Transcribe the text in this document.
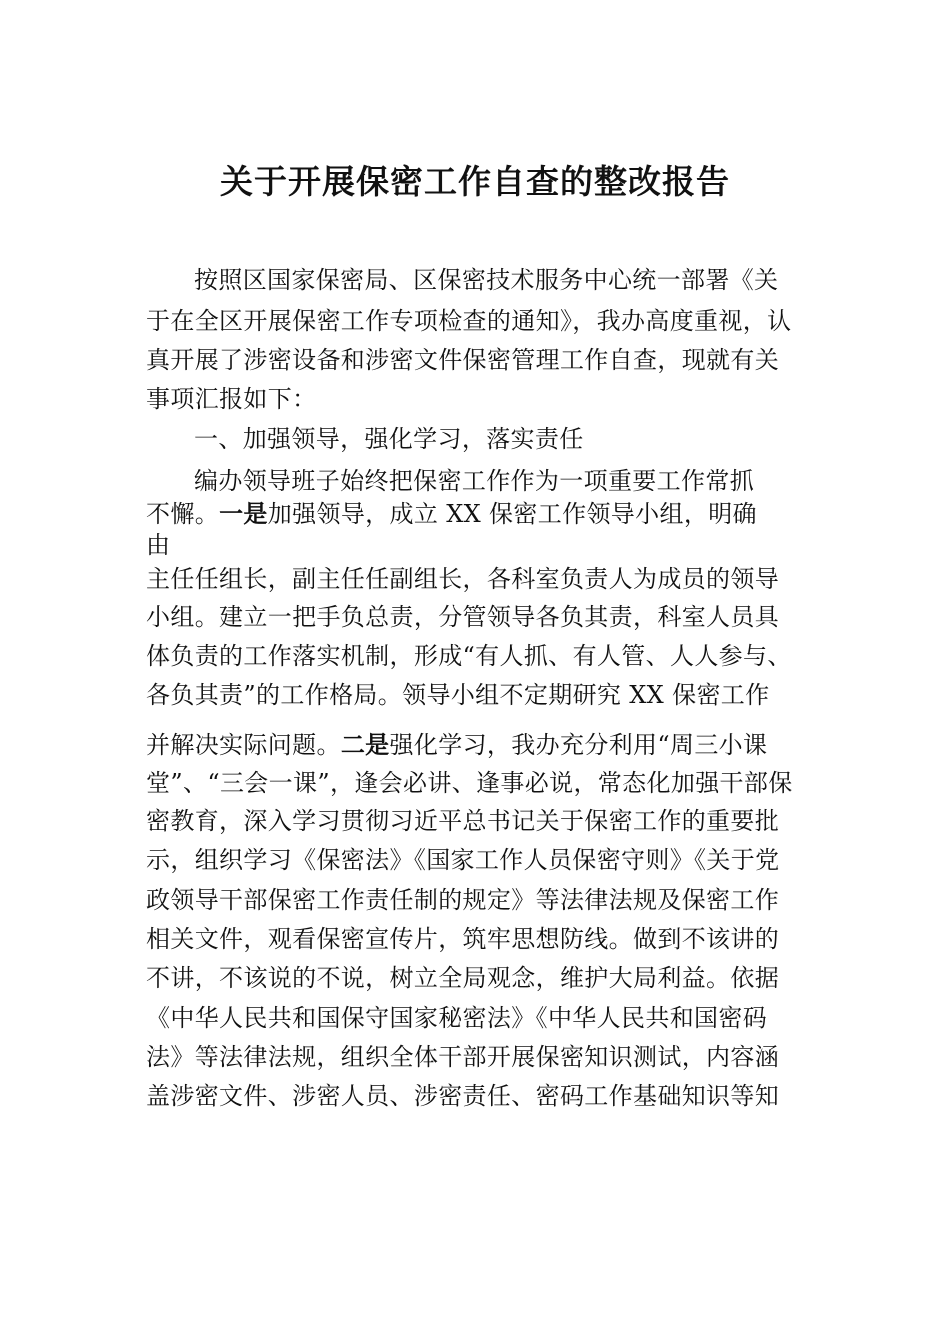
关于开展保密工作自查的整改报告
按照区国家保密局、区保密技术服务中心统一部署《关
于在全区开展保密工作专项检查的通知》，我办高度重视，认
真开展了涉密设备和涉密文件保密管理工作自查，现就有关
事项汇报如下：
一、加强领导，强化学习，落实责任
编办领导班子始终把保密工作作为一项重要工作常抓
不懈。一是加强领导，成立 XX 保密工作领导小组，明确
由
主任任组长，副主任任副组长，各科室负责人为成员的领导
小组。建立一把手负总责，分管领导各负其责，科室人员具
体负责的工作落实机制，形成“有人抓、有人管、人人参与、
各负其责”的工作格局。领导小组不定期研究 XX 保密工作
并解决实际问题。二是强化学习，我办充分利用“周三小课
堂”、“三会一课”，逢会必讲、逢事必说，常态化加强干部保
密教育，深入学习贯彻习近平总书记关于保密工作的重要批
示，组织学习《保密法》《国家工作人员保密守则》《关于党
政领导干部保密工作责任制的规定》等法律法规及保密工作
相关文件，观看保密宣传片，筑牢思想防线。做到不该讲的
不讲，不该说的不说，树立全局观念，维护大局利益。依据
《中华人民共和国保守国家秘密法》《中华人民共和国密码
法》等法律法规，组织全体干部开展保密知识测试，内容涵
盖涉密文件、涉密人员、涉密责任、密码工作基础知识等知
